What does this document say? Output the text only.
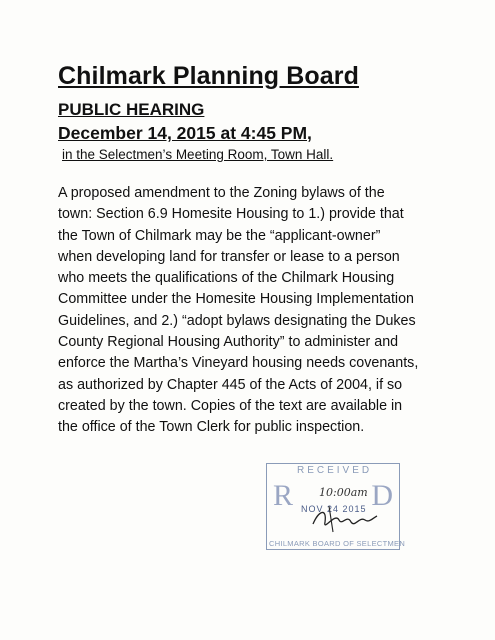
Chilmark Planning Board
PUBLIC HEARING
December 14, 2015 at 4:45 PM,
in the Selectmen’s Meeting Room, Town Hall.
A proposed amendment to the Zoning bylaws of the
town: Section 6.9 Homesite Housing to 1.) provide that
the Town of Chilmark may be the “applicant-owner”
when developing land for transfer or lease to a person
who meets the qualifications of the Chilmark Housing
Committee under the Homesite Housing Implementation
Guidelines, and 2.) “adopt bylaws designating the Dukes
County Regional Housing Authority” to administer and
enforce the Martha’s Vineyard housing needs covenants,
as authorized by Chapter 445 of the Acts of 2004, if so
created by the town. Copies of the text are available in
the office of the Town Clerk for public inspection.
RECEIVED
R	D
10:00am
NOV 24 2015
CHILMARK BOARD OF SELECTMEN
